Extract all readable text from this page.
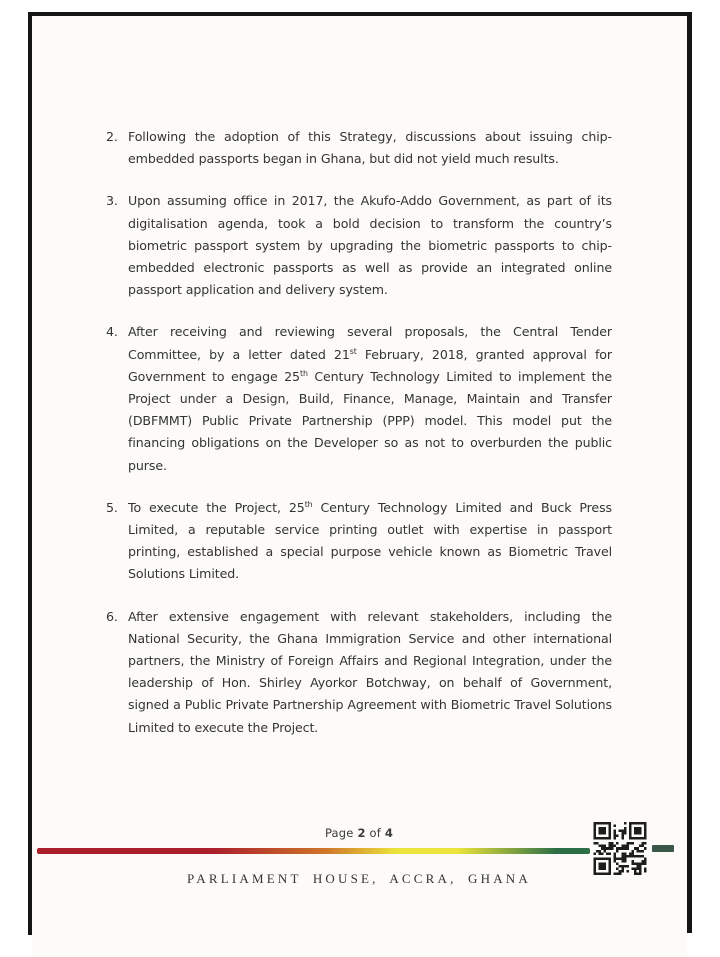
2. Following the adoption of this Strategy, discussions about issuing chip-embedded passports began in Ghana, but did not yield much results.

3. Upon assuming office in 2017, the Akufo-Addo Government, as part of its digitalisation agenda, took a bold decision to transform the country’s biometric passport system by upgrading the biometric passports to chip-embedded electronic passports as well as provide an integrated online passport application and delivery system.

4. After receiving and reviewing several proposals, the Central Tender Committee, by a letter dated 21st February, 2018, granted approval for Government to engage 25th Century Technology Limited to implement the Project under a Design, Build, Finance, Manage, Maintain and Transfer (DBFMMT) Public Private Partnership (PPP) model. This model put the financing obligations on the Developer so as not to overburden the public purse.

5. To execute the Project, 25th Century Technology Limited and Buck Press Limited, a reputable service printing outlet with expertise in passport printing, established a special purpose vehicle known as Biometric Travel Solutions Limited.

6. After extensive engagement with relevant stakeholders, including the National Security, the Ghana Immigration Service and other international partners, the Ministry of Foreign Affairs and Regional Integration, under the leadership of Hon. Shirley Ayorkor Botchway, on behalf of Government, signed a Public Private Partnership Agreement with Biometric Travel Solutions Limited to execute the Project.

Page 2 of 4
PARLIAMENT HOUSE, ACCRA, GHANA
